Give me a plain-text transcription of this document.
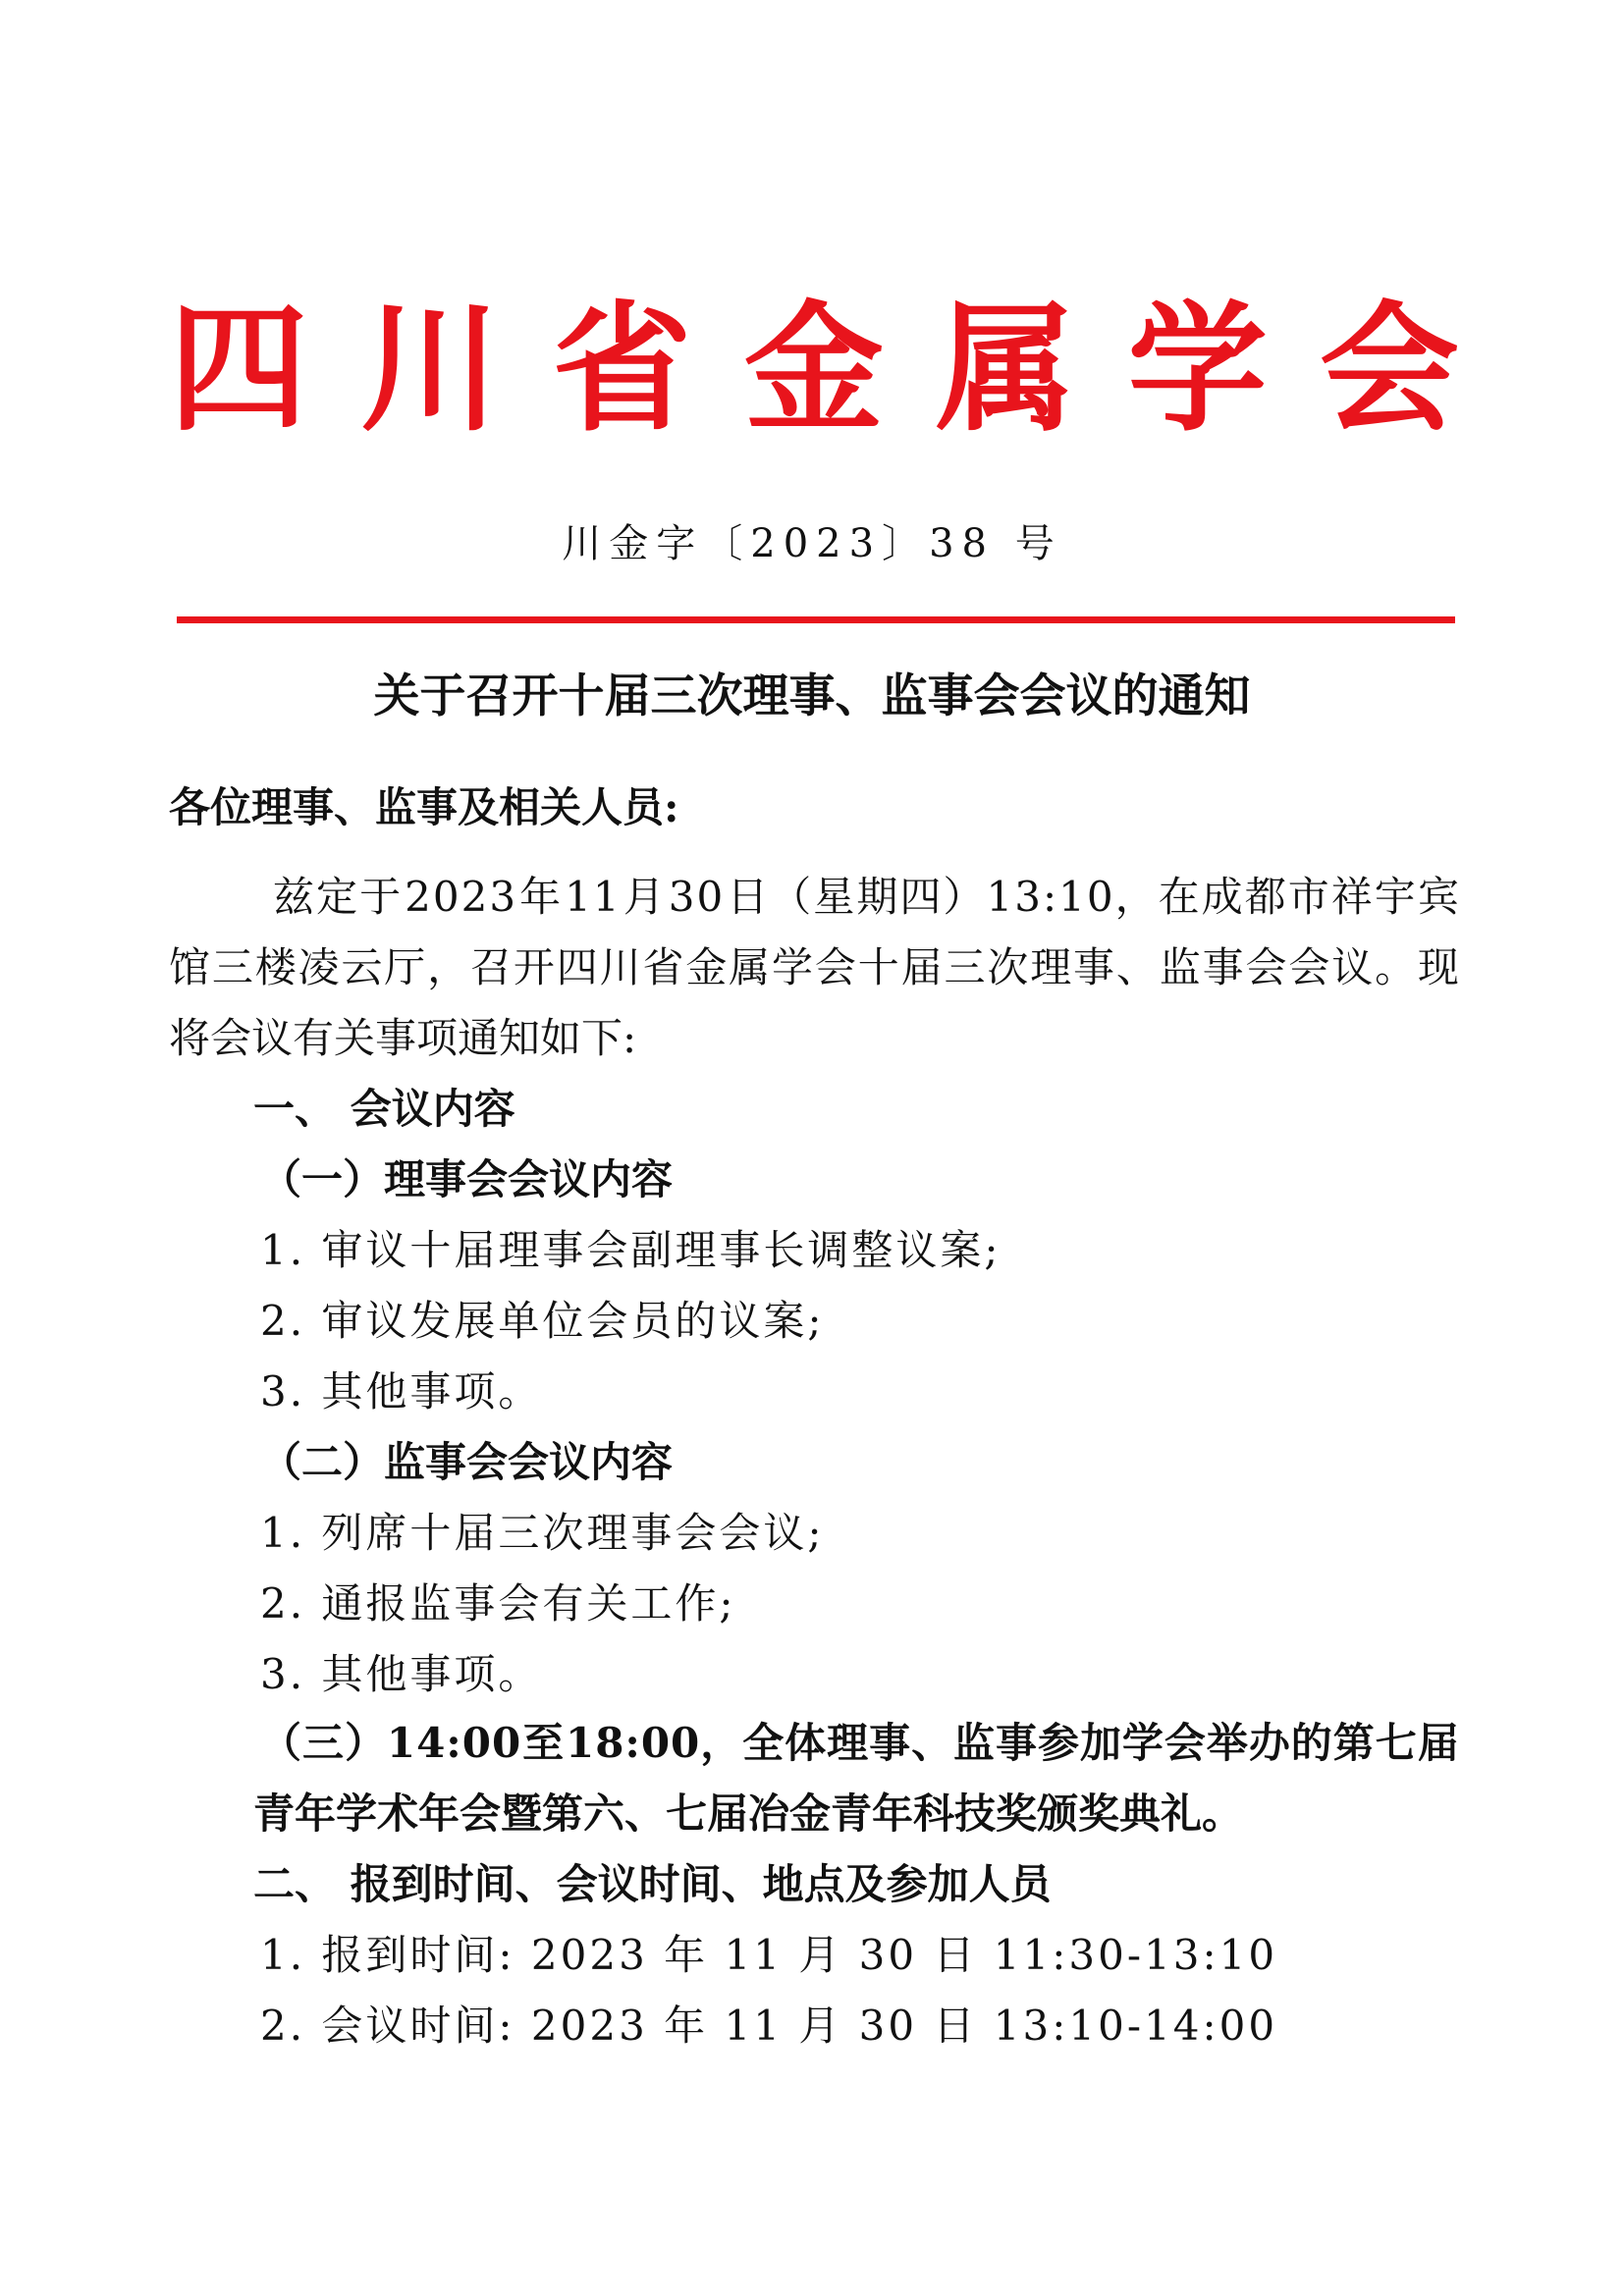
四 川 省 金 属 学 会
川金字〔2023〕38 号
关于召开十届三次理事、监事会会议的通知
各位理事、监事及相关人员:
兹 定 于 2 0 2 3 年 1 1 月 3 0 日 （ 星 期 四 ） 1 3 : 1 0 ， 在 成 都 市 祥 宇 宾
馆 三 楼 凌 云 厅 ， 召 开 四 川 省 金 属 学 会 十 届 三 次 理 事 、 监 事 会 会 议 。 现
将会议有关事项通知如下:
一、 会议内容
（一）理事会会议内容
1. 审议十届理事会副理事长调整议案;
2. 审议发展单位会员的议案;
3. 其他事项。
（二）监事会会议内容
1. 列席十届三次理事会会议;
2. 通报监事会有关工作;
3. 其他事项。
（ 三 ） 1 4 : 0 0 至 1 8 : 0 0 ， 全 体 理 事 、 监 事 参 加 学 会 举 办 的 第 七 届
青年学术年会暨第六、七届冶金青年科技奖颁奖典礼。
二、 报到时间、会议时间、地点及参加人员
1. 报到时间: 2023 年 11 月 30 日 11:30-13:10
2. 会议时间: 2023 年 11 月 30 日 13:10-14:00
